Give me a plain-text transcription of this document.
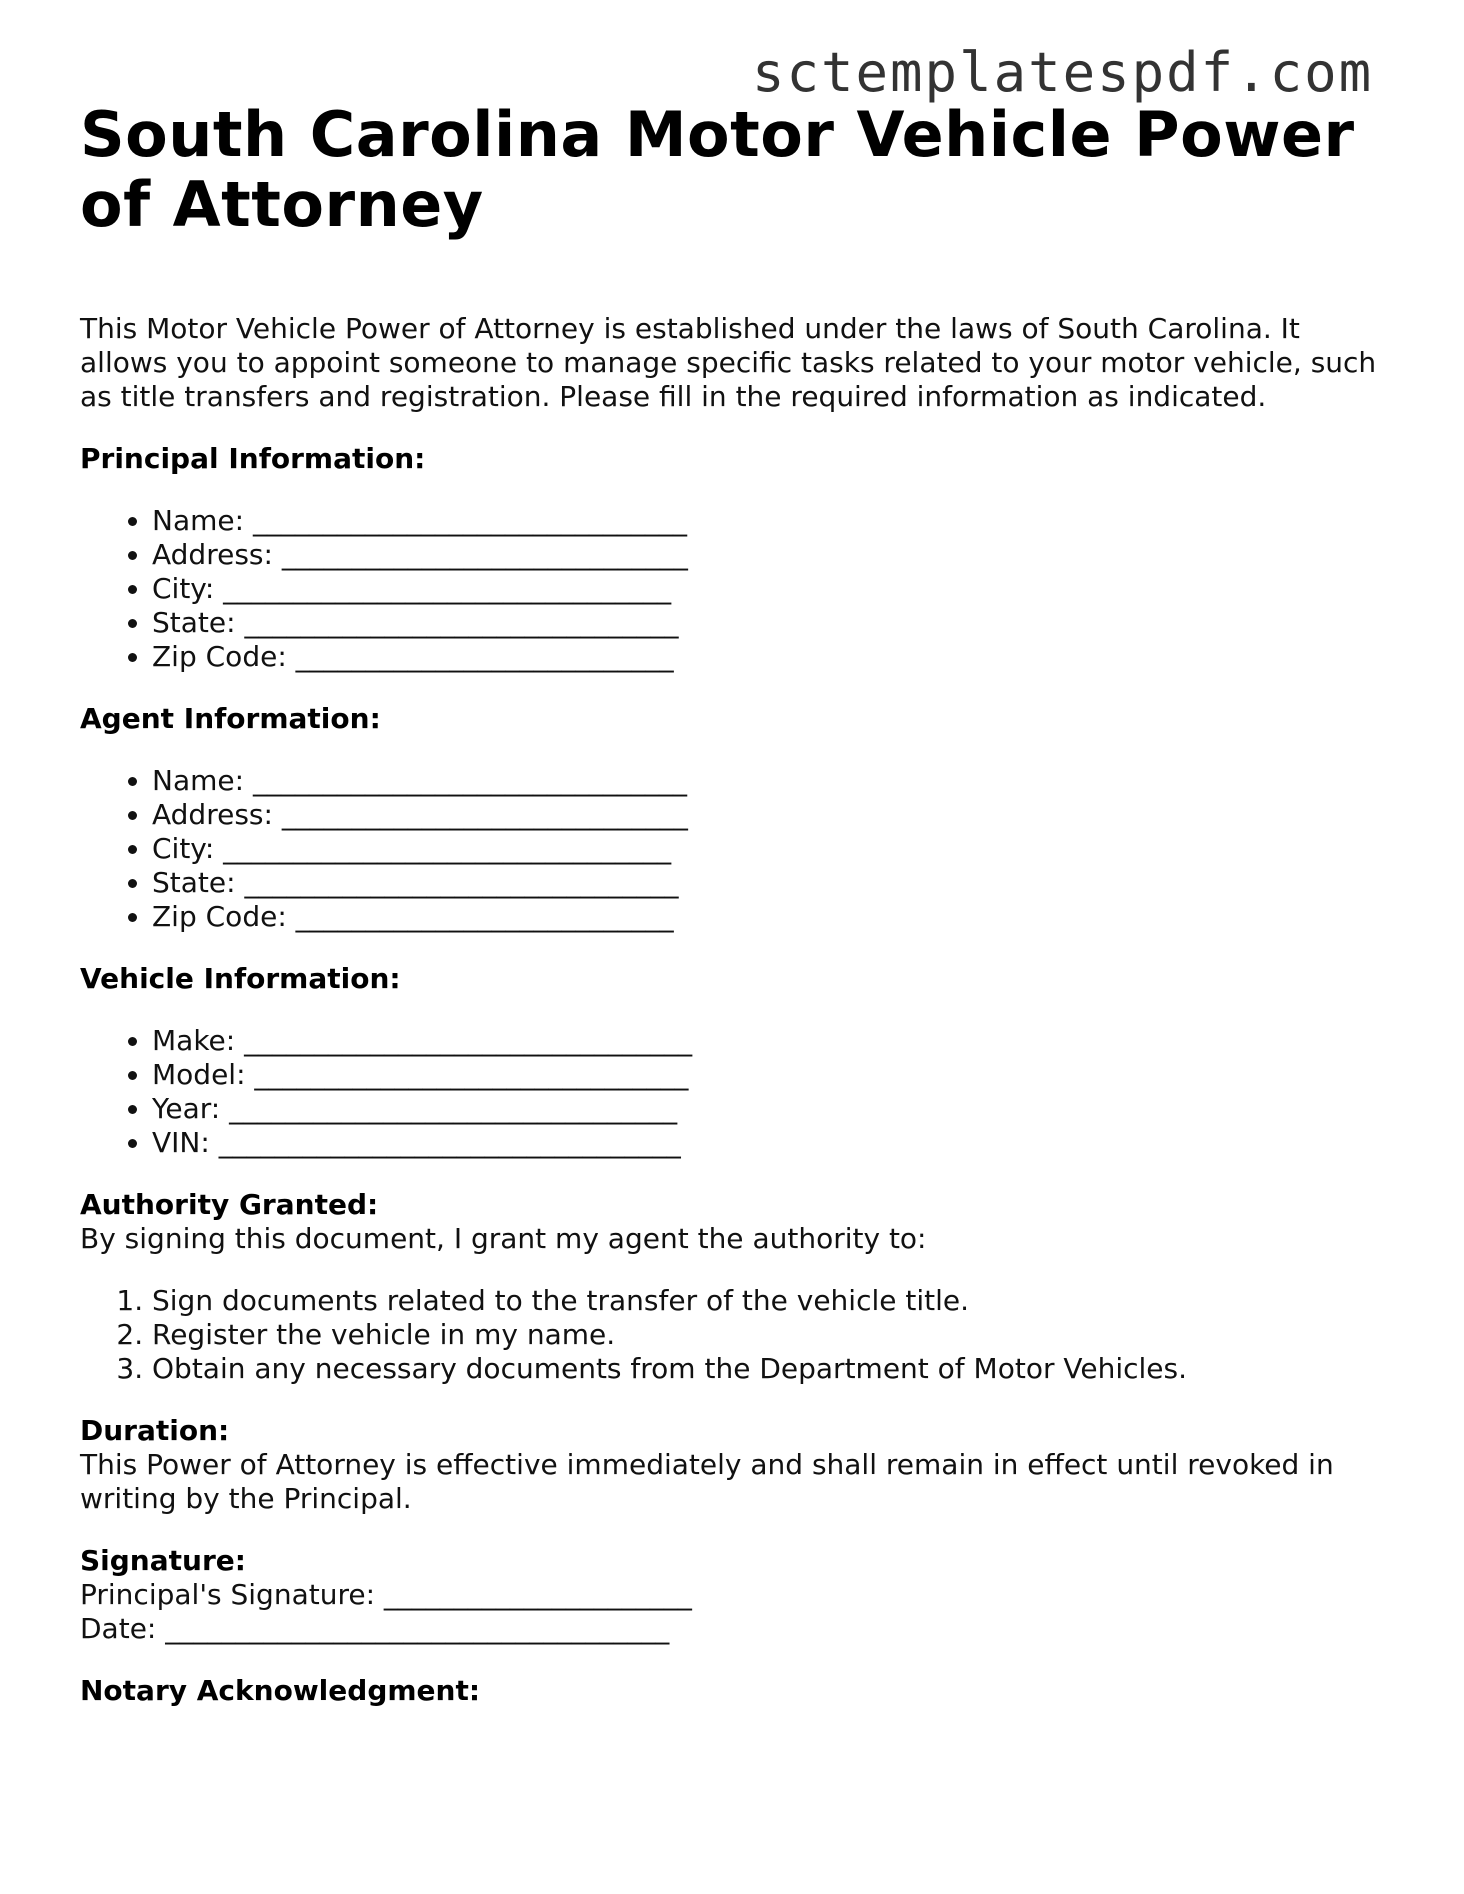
sctemplatespdf.com
South Carolina Motor Vehicle Power of Attorney

This Motor Vehicle Power of Attorney is established under the laws of South Carolina. It allows you to appoint someone to manage specific tasks related to your motor vehicle, such as title transfers and registration. Please fill in the required information as indicated.

Principal Information:
• Name: _______________________________
• Address: _____________________________
• City: ________________________________
• State: _______________________________
• Zip Code: ___________________________
Agent Information:
• Name: _______________________________
• Address: _____________________________
• City: ________________________________
• State: _______________________________
• Zip Code: ___________________________
Vehicle Information:
• Make: ________________________________
• Model: _______________________________
• Year: ________________________________
• VIN: _________________________________
Authority Granted:

By signing this document, I grant my agent the authority to:

1. Sign documents related to the transfer of the vehicle title.
2. Register the vehicle in my name.
3. Obtain any necessary documents from the Department of Motor Vehicles.
Duration:

This Power of Attorney is effective immediately and shall remain in effect until revoked in writing by the Principal.

Signature:

Principal's Signature: ______________________

Date: ____________________________________

Notary Acknowledgment:
